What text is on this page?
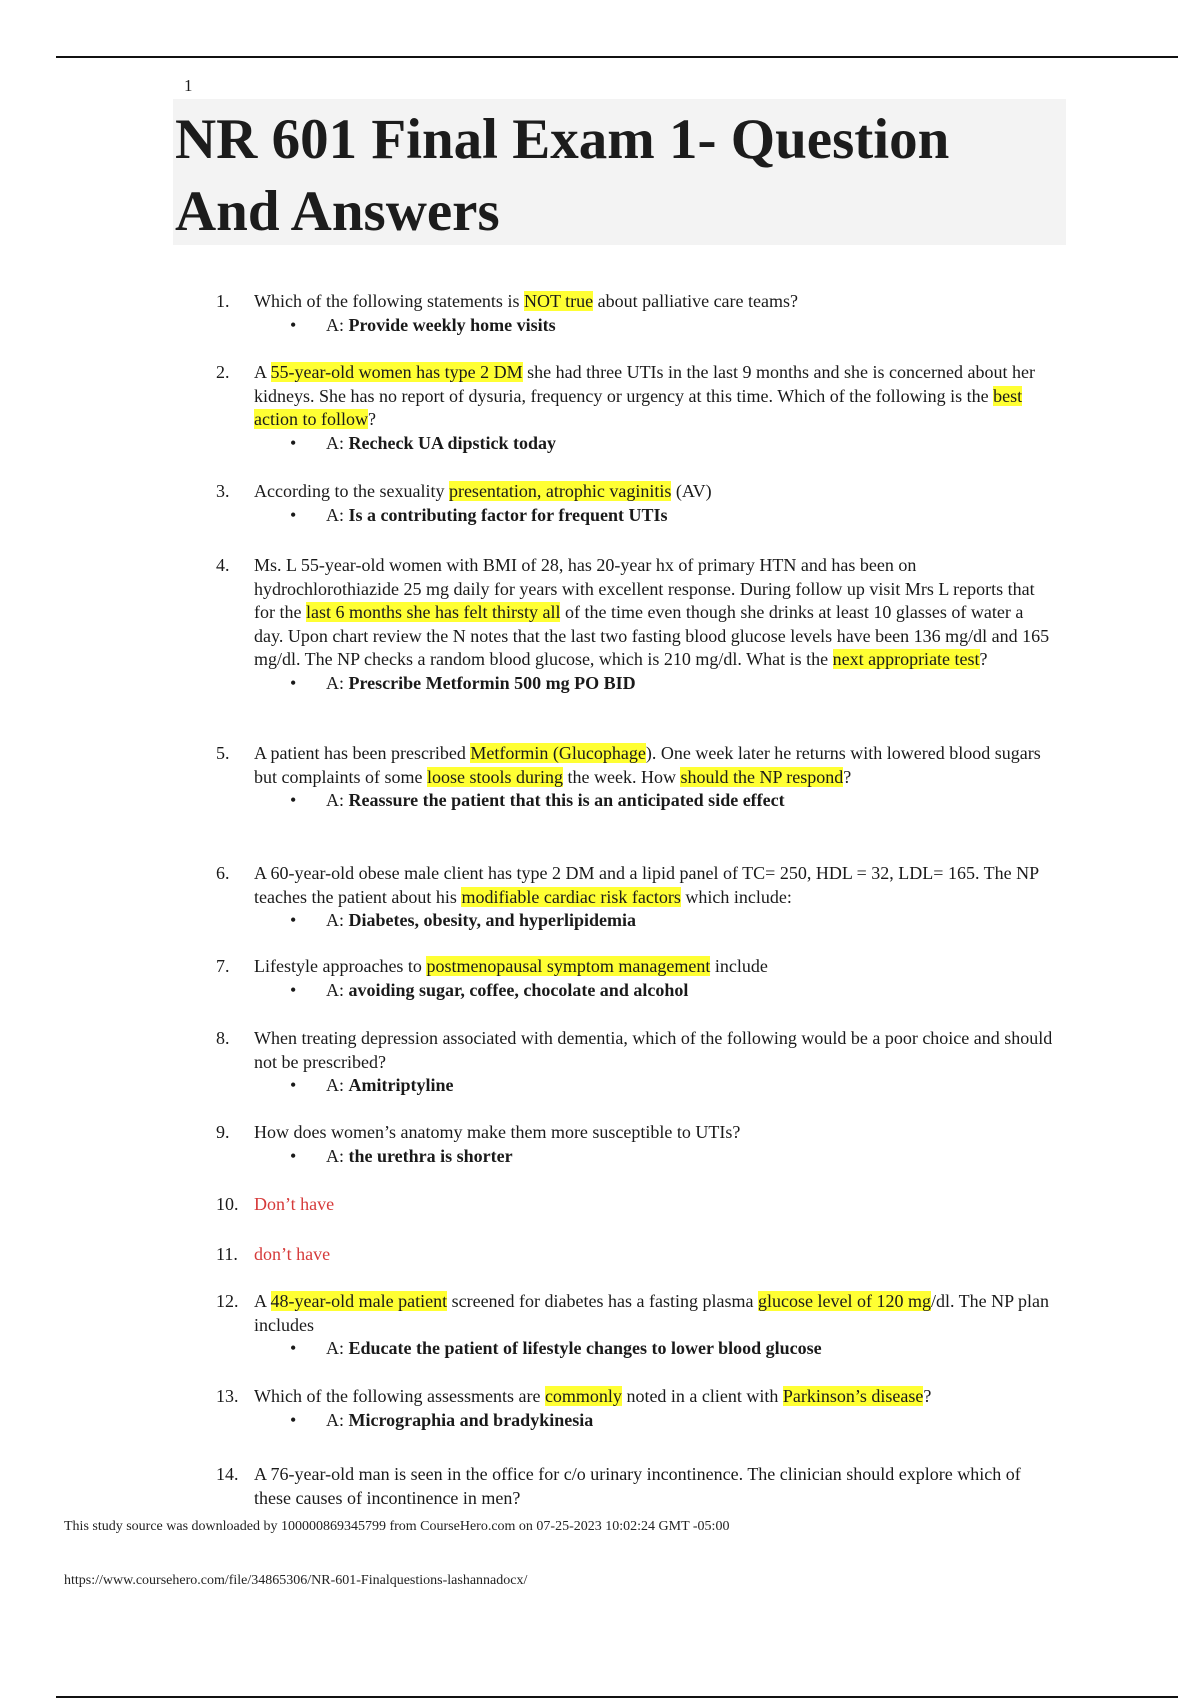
1
NR 601 Final Exam 1- Question And Answers
1. Which of the following statements is NOT true about palliative care teams?
• A: Provide weekly home visits
2. A 55-year-old women has type 2 DM she had three UTIs in the last 9 months and she is concerned about her kidneys. She has no report of dysuria, frequency or urgency at this time. Which of the following is the best action to follow?
• A: Recheck UA dipstick today
3. According to the sexuality presentation, atrophic vaginitis (AV)
• A: Is a contributing factor for frequent UTIs
4. Ms. L 55-year-old women with BMI of 28, has 20-year hx of primary HTN and has been on hydrochlorothiazide 25 mg daily for years with excellent response. During follow up visit Mrs L reports that for the last 6 months she has felt thirsty all of the time even though she drinks at least 10 glasses of water a day. Upon chart review the N notes that the last two fasting blood glucose levels have been 136 mg/dl and 165 mg/dl. The NP checks a random blood glucose, which is 210 mg/dl. What is the next appropriate test?
• A: Prescribe Metformin 500 mg PO BID
5. A patient has been prescribed Metformin (Glucophage). One week later he returns with lowered blood sugars but complaints of some loose stools during the week. How should the NP respond?
• A: Reassure the patient that this is an anticipated side effect
6. A 60-year-old obese male client has type 2 DM and a lipid panel of TC= 250, HDL = 32, LDL= 165. The NP teaches the patient about his modifiable cardiac risk factors which include:
• A: Diabetes, obesity, and hyperlipidemia
7. Lifestyle approaches to postmenopausal symptom management include
• A: avoiding sugar, coffee, chocolate and alcohol
8. When treating depression associated with dementia, which of the following would be a poor choice and should not be prescribed?
• A: Amitriptyline
9. How does women’s anatomy make them more susceptible to UTIs?
• A: the urethra is shorter
10. Don’t have
11. don’t have
12. A 48-year-old male patient screened for diabetes has a fasting plasma glucose level of 120 mg/dl. The NP plan includes
• A: Educate the patient of lifestyle changes to lower blood glucose
13. Which of the following assessments are commonly noted in a client with Parkinson’s disease?
• A: Micrographia and bradykinesia
14. A 76-year-old man is seen in the office for c/o urinary incontinence. The clinician should explore which of these causes of incontinence in men?
This study source was downloaded by 100000869345799 from CourseHero.com on 07-25-2023 10:02:24 GMT -05:00
https://www.coursehero.com/file/34865306/NR-601-Finalquestions-lashannadocx/
